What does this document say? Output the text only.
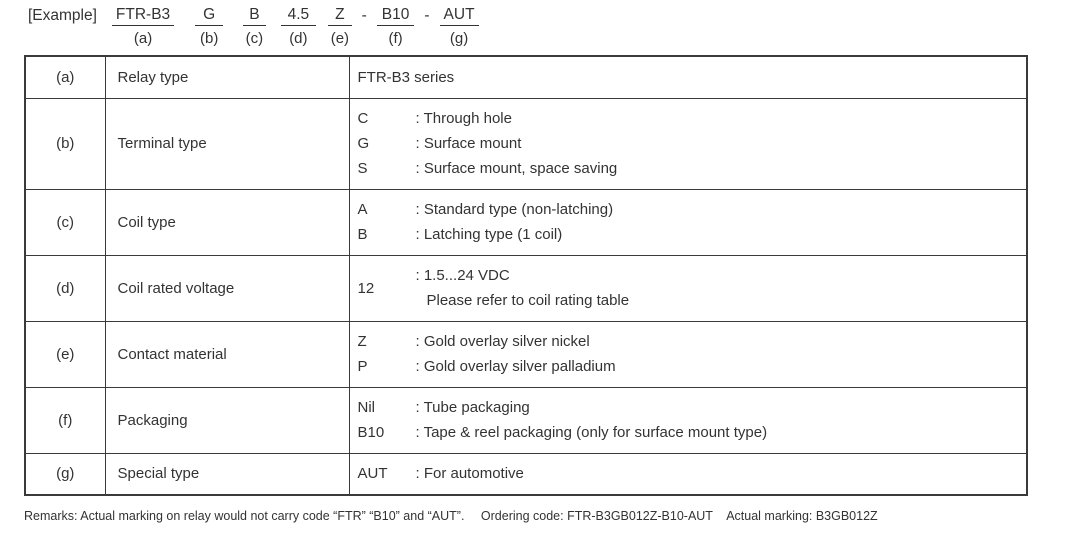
[Example] FTR-B3
(a)
G
(b)
B
(c)
4.5
(d)
Z
(e)
- B10
(f)
- AUT
(g)
(a)	Relay type	FTR-B3 series

(b)	Terminal type	
C	: Through hole
G	: Surface mount
S	: Surface mount, space saving

(c)	Coil type	A : Standard type (non-latching)
B : Latching type (1 coil)

(d)	Coil rated voltage	12
: 1.5...24 VDC
Please refer to coil rating table

(e)	Contact material	Z : Gold overlay silver nickel
P : Gold overlay silver palladium

(f)	Packaging	Nil : Tube packaging
B10 : Tape & reel packaging (only for surface mount type)

(g)	Special type	AUT : For automotive
Remarks: Actual marking on relay would not carry code “FTR” “B10” and “AUT”. Ordering code: FTR-B3GB012Z-B10-AUT Actual marking: B3GB012Z
